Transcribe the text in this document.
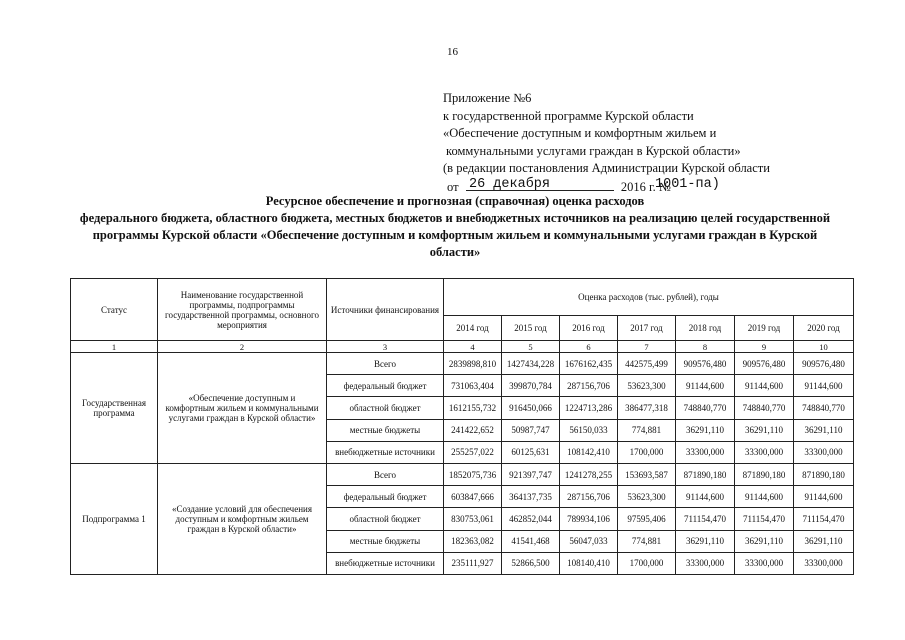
16
Приложение №6
к государственной программе Курской области
«Обеспечение доступным и комфортным жильем и
коммунальными услугами граждан в Курской области»
(в редакции постановления Администрации Курской области
от 26 декабря	2016 г. №
1001-па)
Ресурсное обеспечение и прогнозная (справочная) оценка расходов
федерального бюджета, областного бюджета, местных бюджетов и внебюджетных источников на реализацию целей государственной
программы Курской области «Обеспечение доступным и комфортным жильем и коммунальными услугами граждан в Курской
области»
Статус	Наименование государственной программы, подпрограммы государственной программы, основного мероприятия	Источники финансирования	Оценка расходов (тыс. рублей), годы						
			2014 год	2015 год	2016 год	2017 год	2018 год	2019 год	2020 год
1	2	3	4	5	6	7	8	9	10
Государственная программа	«Обеспечение доступным и комфортным жильем и коммунальными услугами граждан в Курской области»	Всего	2839898,810	1427434,228	1676162,435	442575,499	909576,480	909576,480	909576,480
		федеральный бюджет	731063,404	399870,784	287156,706	53623,300	91144,600	91144,600	91144,600
		областной бюджет	1612155,732	916450,066	1224713,286	386477,318	748840,770	748840,770	748840,770
		местные бюджеты	241422,652	50987,747	56150,033	774,881	36291,110	36291,110	36291,110
		внебюджетные источники	255257,022	60125,631	108142,410	1700,000	33300,000	33300,000	33300,000
Подпрограмма 1	«Создание условий для обеспечения доступным и комфортным жильем граждан в Курской области»	Всего	1852075,736	921397,747	1241278,255	153693,587	871890,180	871890,180	871890,180
		федеральный бюджет	603847,666	364137,735	287156,706	53623,300	91144,600	91144,600	91144,600
		областной бюджет	830753,061	462852,044	789934,106	97595,406	711154,470	711154,470	711154,470
		местные бюджеты	182363,082	41541,468	56047,033	774,881	36291,110	36291,110	36291,110
		внебюджетные источники	235111,927	52866,500	108140,410	1700,000	33300,000	33300,000	33300,000
